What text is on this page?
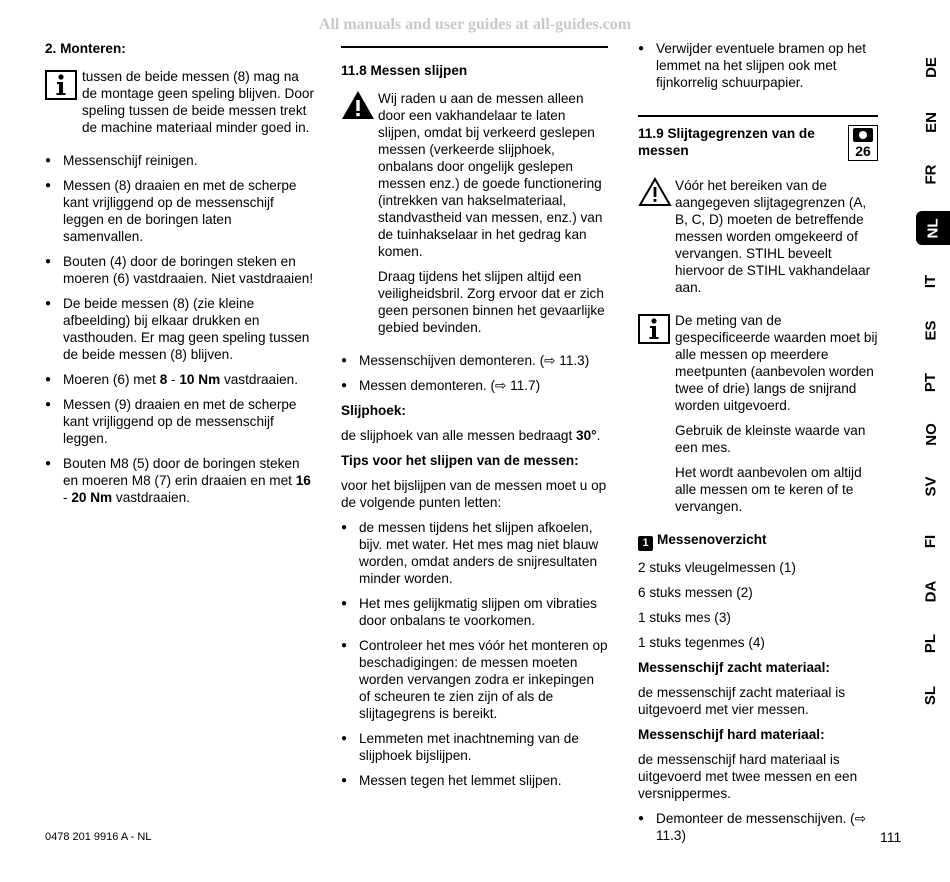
All manuals and user guides at all-guides.com
2. Monteren:

tussen de beide messen (8) mag na de montage geen speling blijven. Door speling tussen de beide messen trekt de machine materiaal minder goed in.

● Messenschijf reinigen.
● Messen (8) draaien en met de scherpe kant vrijliggend op de messenschijf leggen en de boringen laten samenvallen.
● Bouten (4) door de boringen steken en moeren (6) vastdraaien. Niet vastdraaien!
● De beide messen (8) (zie kleine afbeelding) bij elkaar drukken en vasthouden. Er mag geen speling tussen de beide messen (8) blijven.
● Moeren (6) met 8 - 10 Nm vastdraaien.
● Messen (9) draaien en met de scherpe kant vrijliggend op de messenschijf leggen.
● Bouten M8 (5) door de boringen steken en moeren M8 (7) erin draaien en met 16 - 20 Nm vastdraaien.
11.8 Messen slijpen

Wij raden u aan de messen alleen door een vakhandelaar te laten slijpen, omdat bij verkeerd geslepen messen (verkeerde slijphoek, onbalans door ongelijk geslepen messen enz.) de goede functionering (intrekken van hakselmateriaal, standvastheid van messen, enz.) van de tuinhakselaar in het gedrag kan komen.

Draag tijdens het slijpen altijd een veiligheidsbril. Zorg ervoor dat er zich geen personen binnen het gevaarlijke gebied bevinden.

● Messenschijven demonteren. (⇨ 11.3)
● Messen demonteren. (⇨ 11.7)
Slijphoek:

de slijphoek van alle messen bedraagt 30°.

Tips voor het slijpen van de messen:

voor het bijslijpen van de messen moet u op de volgende punten letten:

● de messen tijdens het slijpen afkoelen, bijv. met water. Het mes mag niet blauw worden, omdat anders de snijresultaten minder worden.
● Het mes gelijkmatig slijpen om vibraties door onbalans te voorkomen.
● Controleer het mes vóór het monteren op beschadigingen: de messen moeten worden vervangen zodra er inkepingen of scheuren te zien zijn of als de slijtagegrens is bereikt.
● Lemmeten met inachtneming van de slijphoek bijslijpen.
● Messen tegen het lemmet slijpen.
● Verwijder eventuele bramen op het lemmet na het slijpen ook met fijnkorrelig schuurpapier.
11.9 Slijtagegrenzen van de messen	26

Vóór het bereiken van de aangegeven slijtagegrenzen (A, B, C, D) moeten de betreffende messen worden omgekeerd of vervangen. STIHL beveelt hiervoor de STIHL vakhandelaar aan.

De meting van de gespecificeerde waarden moet bij alle messen op meerdere meetpunten (aanbevolen worden twee of drie) langs de snijrand worden uitgevoerd.

Gebruik de kleinste waarde van een mes.

Het wordt aanbevolen om altijd alle messen om te keren of te vervangen.

1 Messenoverzicht

2 stuks vleugelmessen (1)

6 stuks messen (2)

1 stuks mes (3)

1 stuks tegenmes (4)

Messenschijf zacht materiaal:

de messenschijf zacht materiaal is uitgevoerd met vier messen.

Messenschijf hard materiaal:

de messenschijf hard materiaal is uitgevoerd met twee messen en een versnippermes.

● Demonteer de messenschijven. (⇨ 11.3)
DE
EN
FR
NL
IT
ES
PT
NO
SV
FI
DA
PL
SL
0478 201 9916 A - NL	111
